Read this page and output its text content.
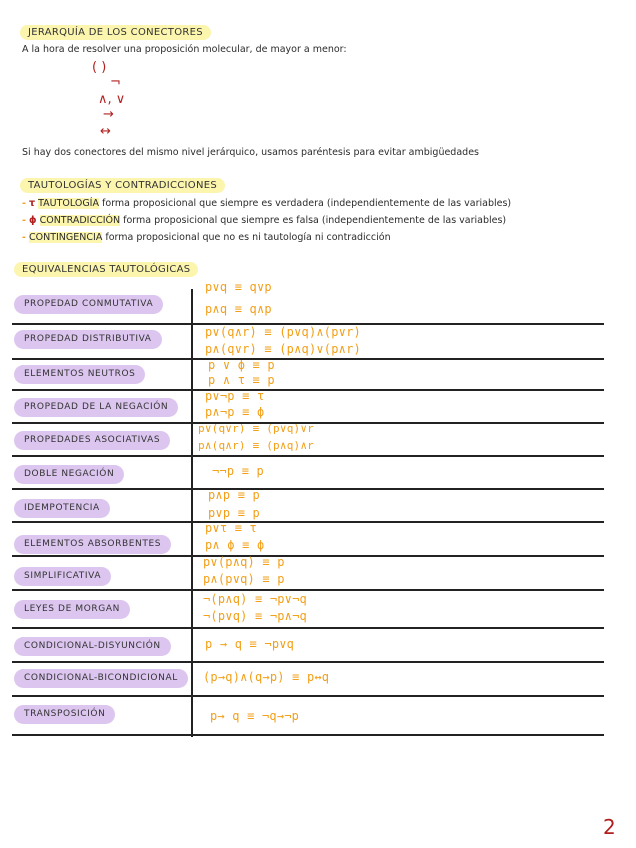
JERARQUÍA DE LOS CONECTORES
A la hora de resolver una proposición molecular, de mayor a menor:
( )
¬
∧, ∨
→
↔
Si hay dos conectores del mismo nivel jerárquico, usamos paréntesis para evitar ambigüedades
TAUTOLOGÍAS Y CONTRADICCIONES
- τ TAUTOLOGÍA forma proposicional que siempre es verdadera (independientemente de las variables)
- ϕ CONTRADICCIÓN forma proposicional que siempre es falsa (independientemente de las variables)
- CONTINGENCIA forma proposicional que no es ni tautología ni contradicción
EQUIVALENCIAS TAUTOLÓGICAS
PROPEDAD CONMUTATIVA
p∨q ≡ q∨p
p∧q ≡ q∧p
PROPEDAD DISTRIBUTIVA	p∨(q∧r) ≡ (p∨q)∧(p∨r)
p∧(q∨r) ≡ (p∧q)∨(p∧r)
ELEMENTOS NEUTROS
p ∨ ϕ ≡ p
p ∧ τ ≡ p
PROPEDAD DE LA NEGACIÓN
p∨¬p ≡ τ
p∧¬p ≡ ϕ
PROPEDADES ASOCIATIVAS
p∨(q∨r) ≡ (p∨q)∨r
p∧(q∧r) ≡ (p∧q)∧r
DOBLE NEGACIÓN	¬¬p ≡ p
IDEMPOTENCIA
p∧p ≡ p
p∨p ≡ p
ELEMENTOS ABSORBENTES
p∨τ ≡ τ
p∧ ϕ ≡ ϕ
SIMPLIFICATIVA
p∨(p∧q) ≡ p
p∧(p∨q) ≡ p
LEYES DE MORGAN
¬(p∧q) ≡ ¬p∨¬q
¬(p∨q) ≡ ¬p∧¬q
CONDICIONAL-DISYUNCIÓN	p → q ≡ ¬p∨q
CONDICIONAL-BICONDICIONAL	(p→q)∧(q→p) ≡ p↔q
TRANSPOSICIÓN	p→ q ≡ ¬q→¬p
2
